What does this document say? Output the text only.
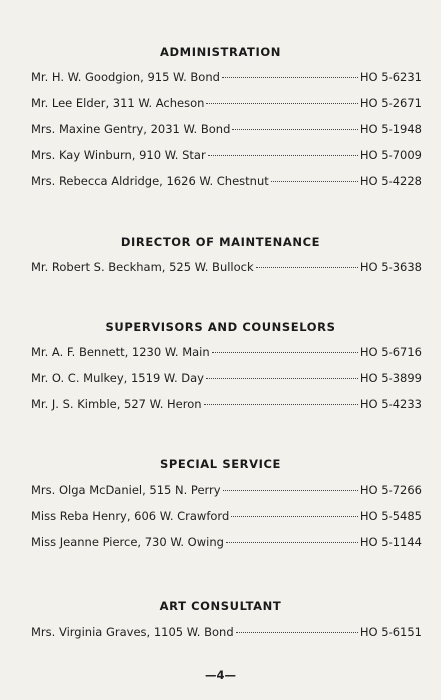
ADMINISTRATION
Mr. H. W. Goodgion, 915 W. Bond	HO 5-6231
Mr. Lee Elder, 311 W. Acheson	HO 5-2671
Mrs. Maxine Gentry, 2031 W. Bond	HO 5-1948
Mrs. Kay Winburn, 910 W. Star	HO 5-7009
Mrs. Rebecca Aldridge, 1626 W. Chestnut	HO 5-4228
DIRECTOR OF MAINTENANCE
Mr. Robert S. Beckham, 525 W. Bullock	HO 5-3638
SUPERVISORS AND COUNSELORS
Mr. A. F. Bennett, 1230 W. Main	HO 5-6716
Mr. O. C. Mulkey, 1519 W. Day	HO 5-3899
Mr. J. S. Kimble, 527 W. Heron	HO 5-4233
SPECIAL SERVICE
Mrs. Olga McDaniel, 515 N. Perry	HO 5-7266
Miss Reba Henry, 606 W. Crawford	HO 5-5485
Miss Jeanne Pierce, 730 W. Owing	HO 5-1144
ART CONSULTANT
Mrs. Virginia Graves, 1105 W. Bond	HO 5-6151
—4—
